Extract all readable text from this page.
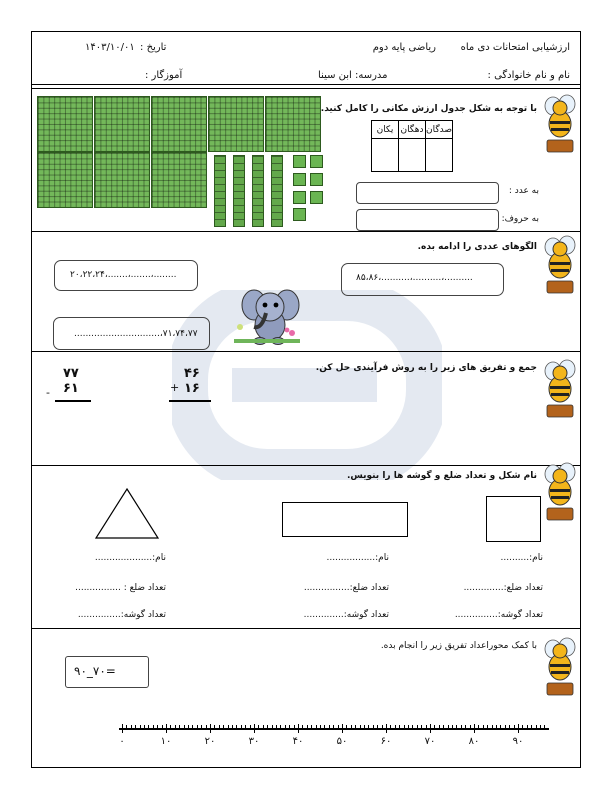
ارزشیابی امتحانات دی ماه
ریاضی پایه دوم
تاریخ :
۱۴۰۳/۱۰/۰۱
نام و نام خانوادگی :
مدرسه: ابن سینا
آموزگار :
با توجه به شکل جدول ارزش مکانی را کامل کنید.
یکان	دهگان	صدگان

به عدد :
به حروف:
الگوهای عددی را ادامه بده.
۲۰،۲۲،۲۴،.......،.......،........	۸۵،۸۶،..........،..........،..........
..............................،۷۱،۷۴،۷۷
جمع و تفریق های زیر را به روش فرآیندی حل کن.
۴۶
+ ۱۶
۷۷
- ۶۱
نام شکل و تعداد ضلع و گوشه ها را بنویس.
نام:..........
تعداد ضلع:..............
تعداد گوشه:...............
نام:.................
تعداد ضلع:................
تعداد گوشه:..............
نام:....................
تعداد ضلع : ................
تعداد گوشه:...............
با کمک محوراعداد تفریق زیر را انجام بده.
۹۰_۷۰=
۰	۱۰	۲۰	۳۰	۴۰	۵۰	۶۰	۷۰	۸۰	۹۰
